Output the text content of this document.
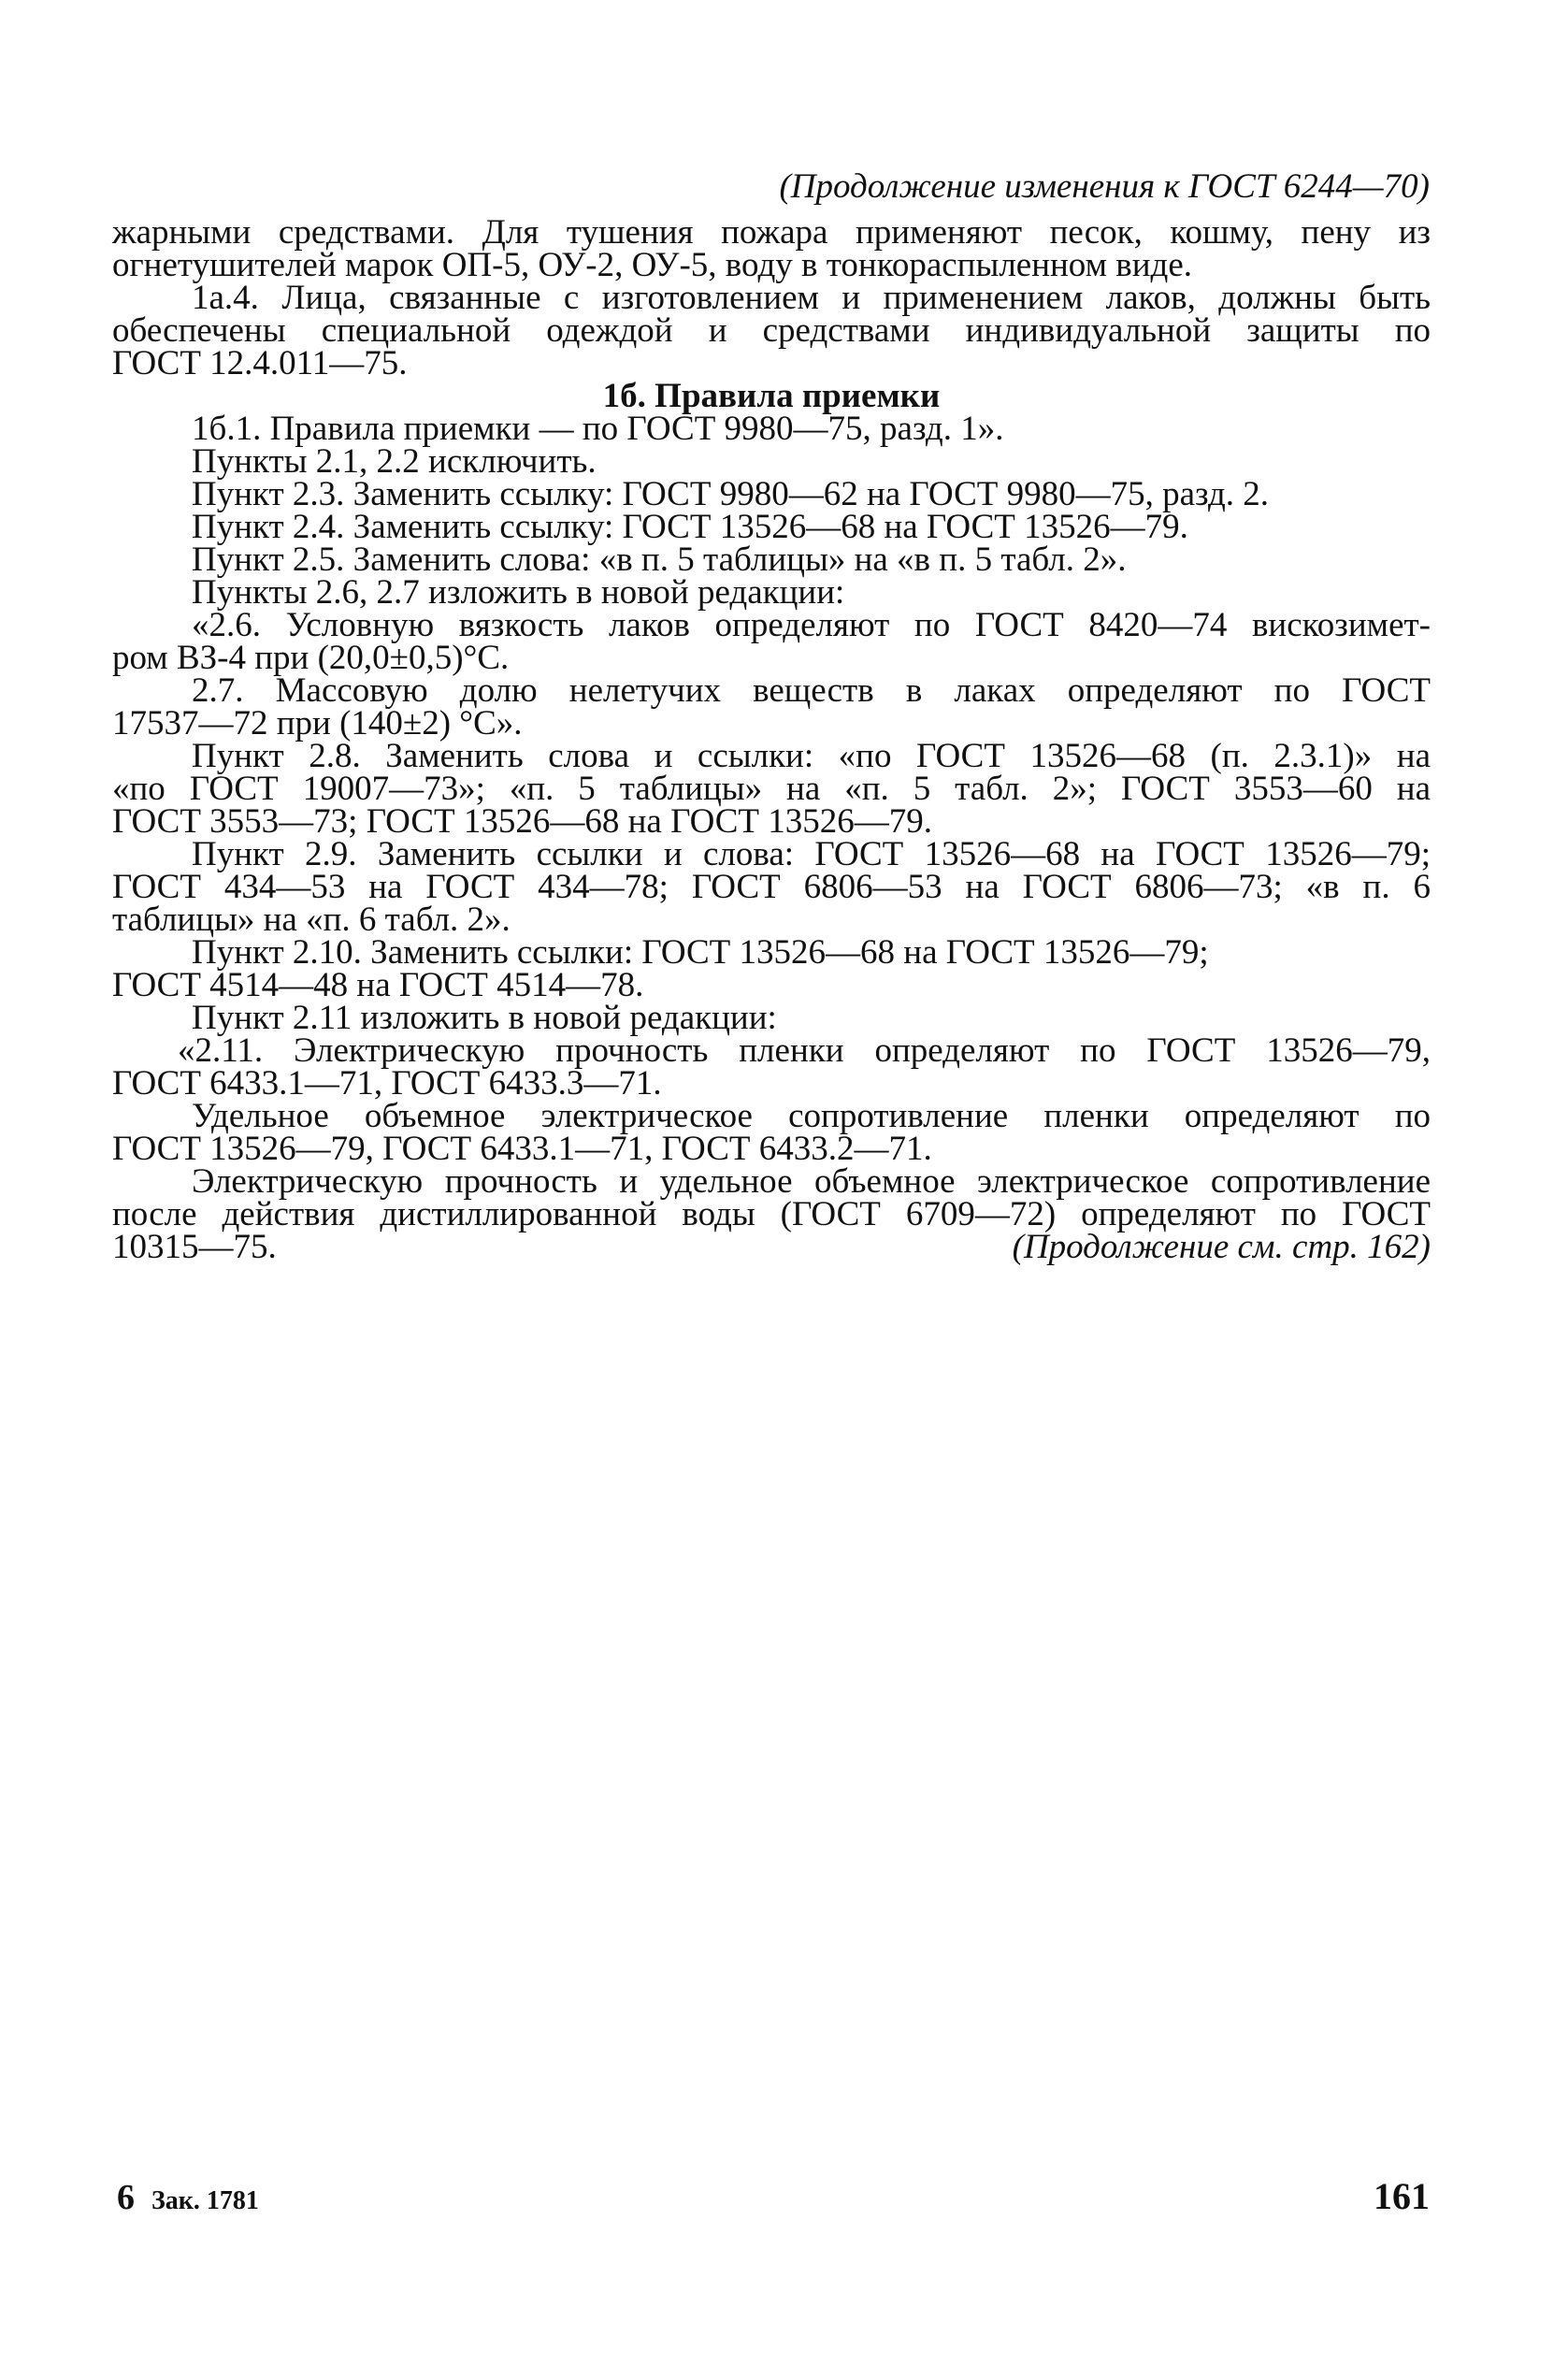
(Продолжение изменения к ГОСТ 6244—70)
жарными средствами. Для тушения пожара применяют песок, кошму, пену из
огнетушителей марок ОП-5, ОУ-2, ОУ-5, воду в тонкораспыленном виде.
1а.4. Лица, связанные с изготовлением и применением лаков, должны быть
обеспечены специальной одеждой и средствами индивидуальной защиты по
ГОСТ 12.4.011—75.
1б. Правила приемки
1б.1. Правила приемки — по ГОСТ 9980—75, разд. 1».
Пункты 2.1, 2.2 исключить.
Пункт 2.3. Заменить ссылку: ГОСТ 9980—62 на ГОСТ 9980—75, разд. 2.
Пункт 2.4. Заменить ссылку: ГОСТ 13526—68 на ГОСТ 13526—79.
Пункт 2.5. Заменить слова: «в п. 5 таблицы» на «в п. 5 табл. 2».
Пункты 2.6, 2.7 изложить в новой редакции:
«2.6. Условную вязкость лаков определяют по ГОСТ 8420—74 вискозимет-
ром ВЗ-4 при (20,0±0,5)°С.
2.7. Массовую долю нелетучих веществ в лаках определяют по ГОСТ
17537—72 при (140±2) °С».
Пункт 2.8. Заменить слова и ссылки: «по ГОСТ 13526—68 (п. 2.3.1)» на
«по ГОСТ 19007—73»; «п. 5 таблицы» на «п. 5 табл. 2»; ГОСТ 3553—60 на
ГОСТ 3553—73; ГОСТ 13526—68 на ГОСТ 13526—79.
Пункт 2.9. Заменить ссылки и слова: ГОСТ 13526—68 на ГОСТ 13526—79;
ГОСТ 434—53 на ГОСТ 434—78; ГОСТ 6806—53 на ГОСТ 6806—73; «в п. 6
таблицы» на «п. 6 табл. 2».
Пункт 2.10. Заменить ссылки: ГОСТ 13526—68 на ГОСТ 13526—79;
ГОСТ 4514—48 на ГОСТ 4514—78.
Пункт 2.11 изложить в новой редакции:
«2.11. Электрическую прочность пленки определяют по ГОСТ 13526—79,
ГОСТ 6433.1—71, ГОСТ 6433.3—71.
Удельное объемное электрическое сопротивление пленки определяют по
ГОСТ 13526—79, ГОСТ 6433.1—71, ГОСТ 6433.2—71.
Электрическую прочность и удельное объемное электрическое сопротивление
после действия дистиллированной воды (ГОСТ 6709—72) определяют по ГОСТ
10315—75.	(Продолжение см. стр. 162)
6 Зак. 1781	161
